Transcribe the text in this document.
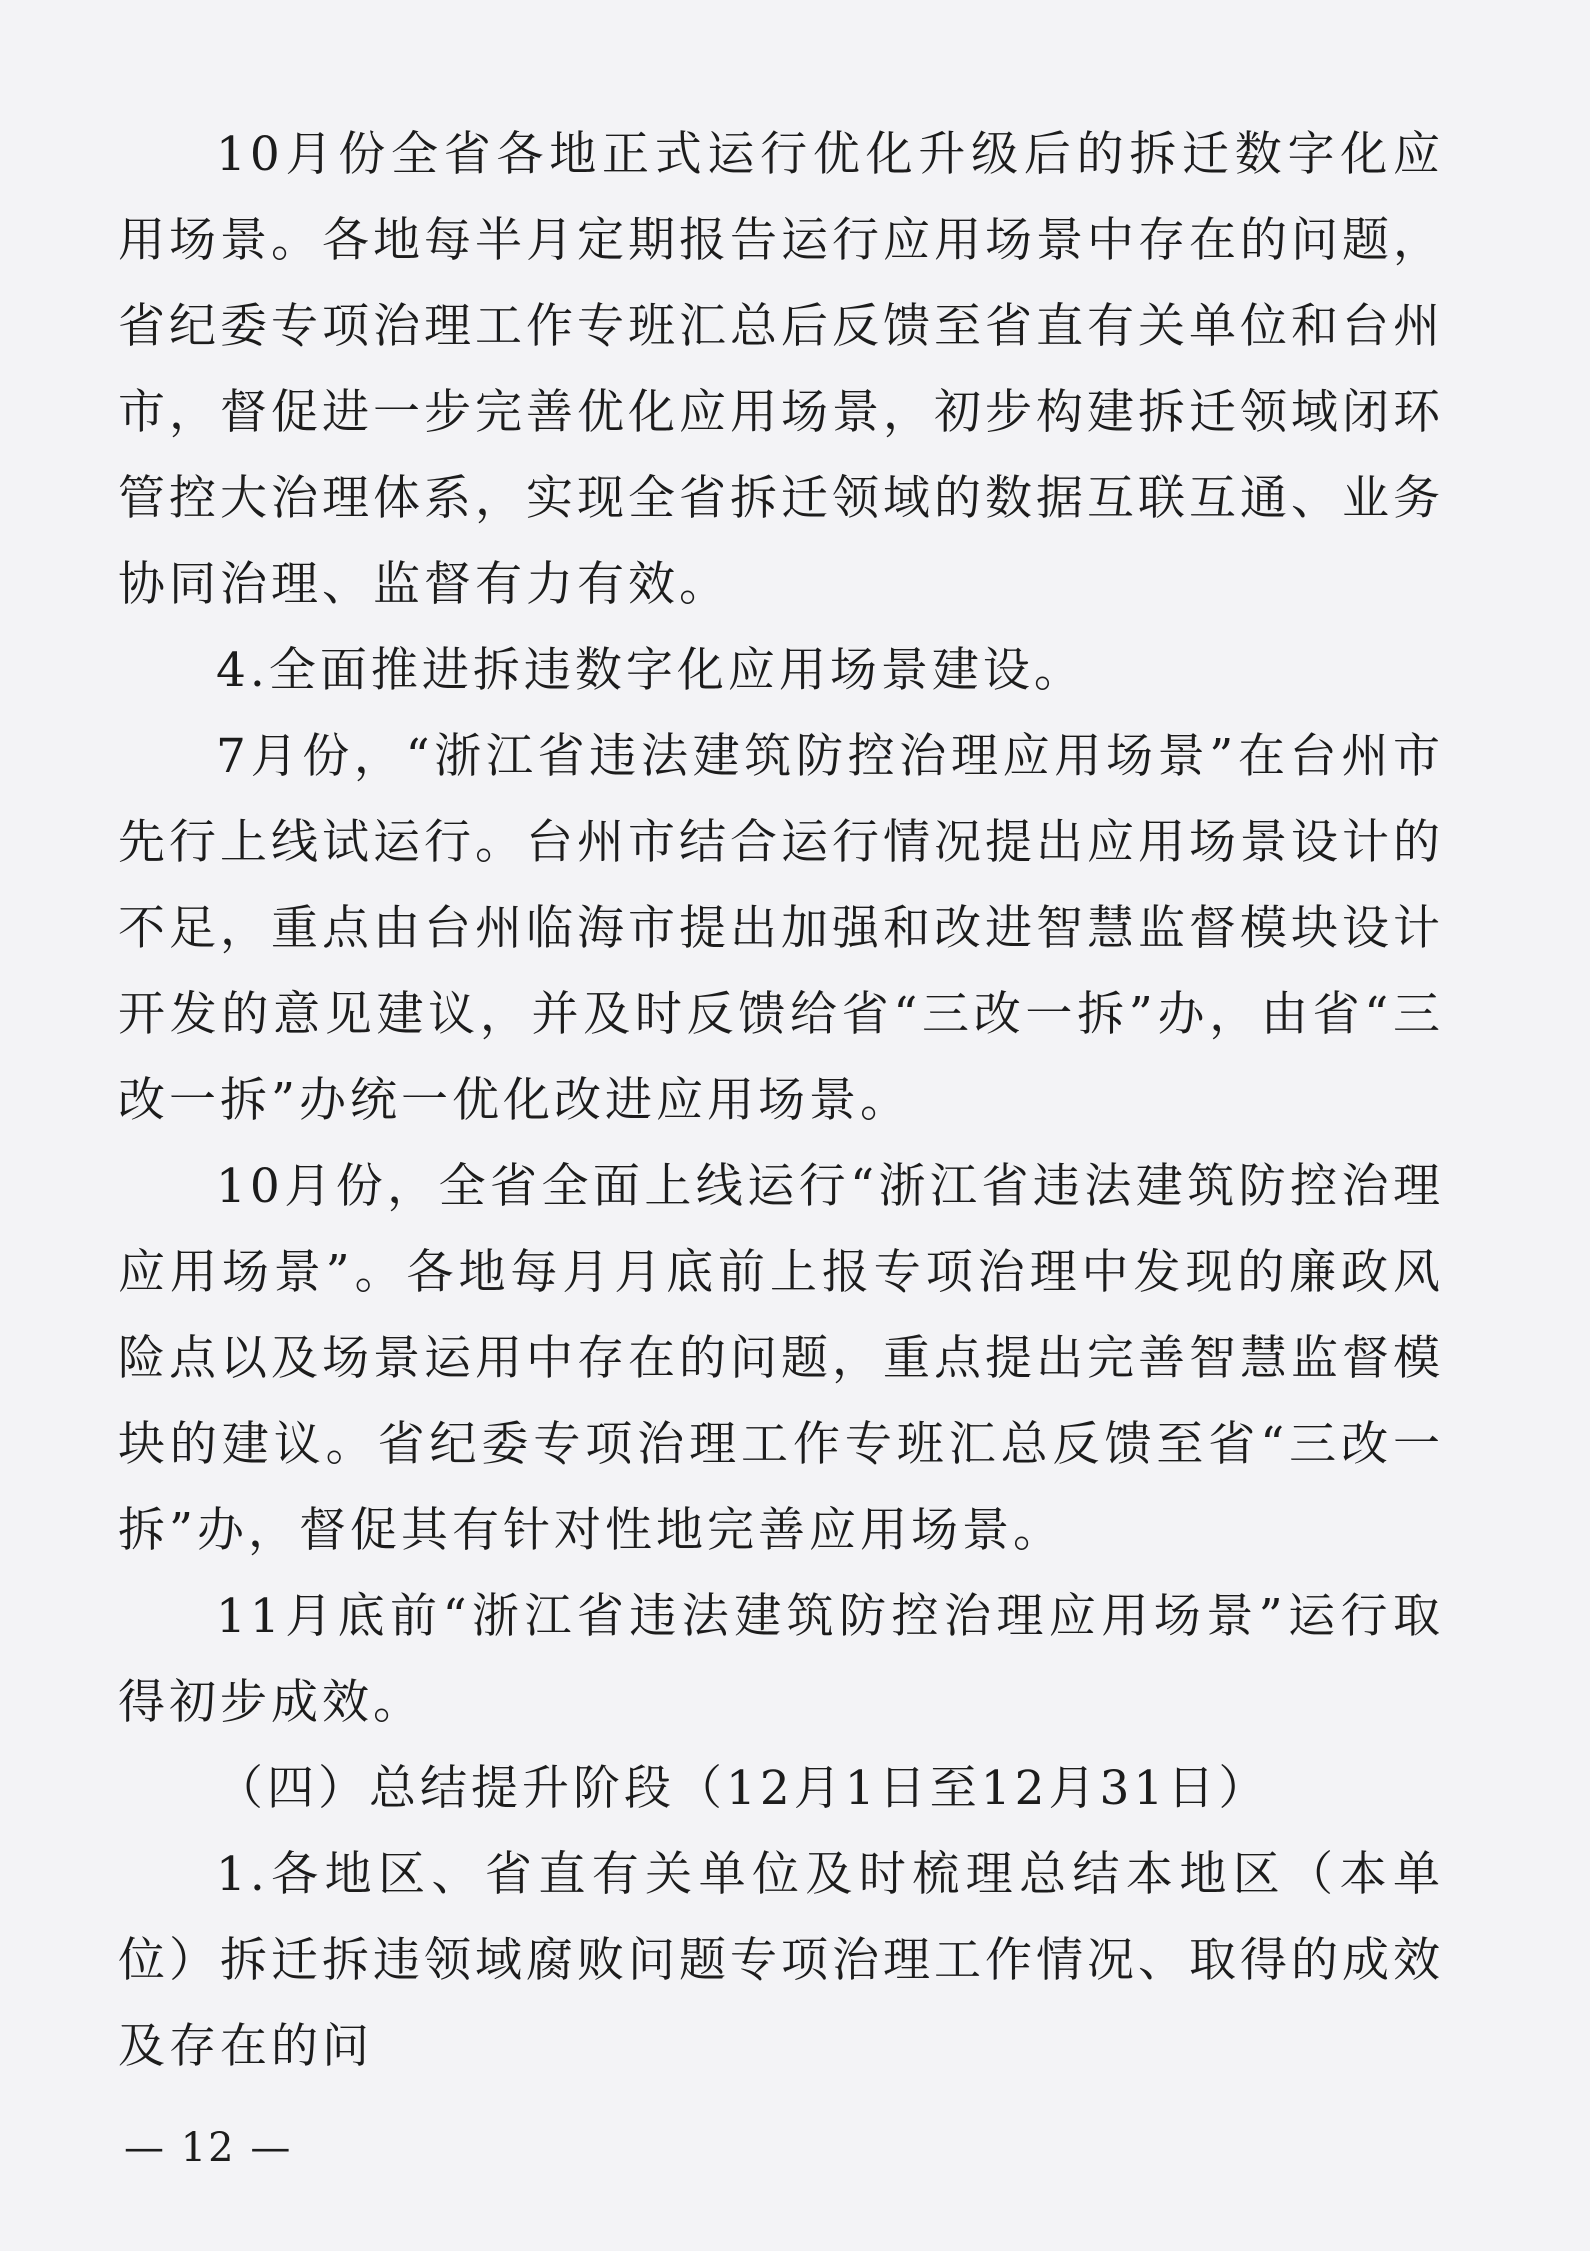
10月份全省各地正式运行优化升级后的拆迁数字化应用场景。各地每半月定期报告运行应用场景中存在的问题，省纪委专项治理工作专班汇总后反馈至省直有关单位和台州市，督促进一步完善优化应用场景，初步构建拆迁领域闭环管控大治理体系，实现全省拆迁领域的数据互联互通、业务协同治理、监督有力有效。

4.全面推进拆违数字化应用场景建设。

7月份，“浙江省违法建筑防控治理应用场景”在台州市先行上线试运行。台州市结合运行情况提出应用场景设计的不足，重点由台州临海市提出加强和改进智慧监督模块设计开发的意见建议，并及时反馈给省“三改一拆”办，由省“三改一拆”办统一优化改进应用场景。

10月份，全省全面上线运行“浙江省违法建筑防控治理应用场景”。各地每月月底前上报专项治理中发现的廉政风险点以及场景运用中存在的问题，重点提出完善智慧监督模块的建议。省纪委专项治理工作专班汇总反馈至省“三改一拆”办，督促其有针对性地完善应用场景。

11月底前“浙江省违法建筑防控治理应用场景”运行取得初步成效。

（四）总结提升阶段（12月1日至12月31日）

1.各地区、省直有关单位及时梳理总结本地区（本单位）拆迁拆违领域腐败问题专项治理工作情况、取得的成效及存在的问

— 12 —
